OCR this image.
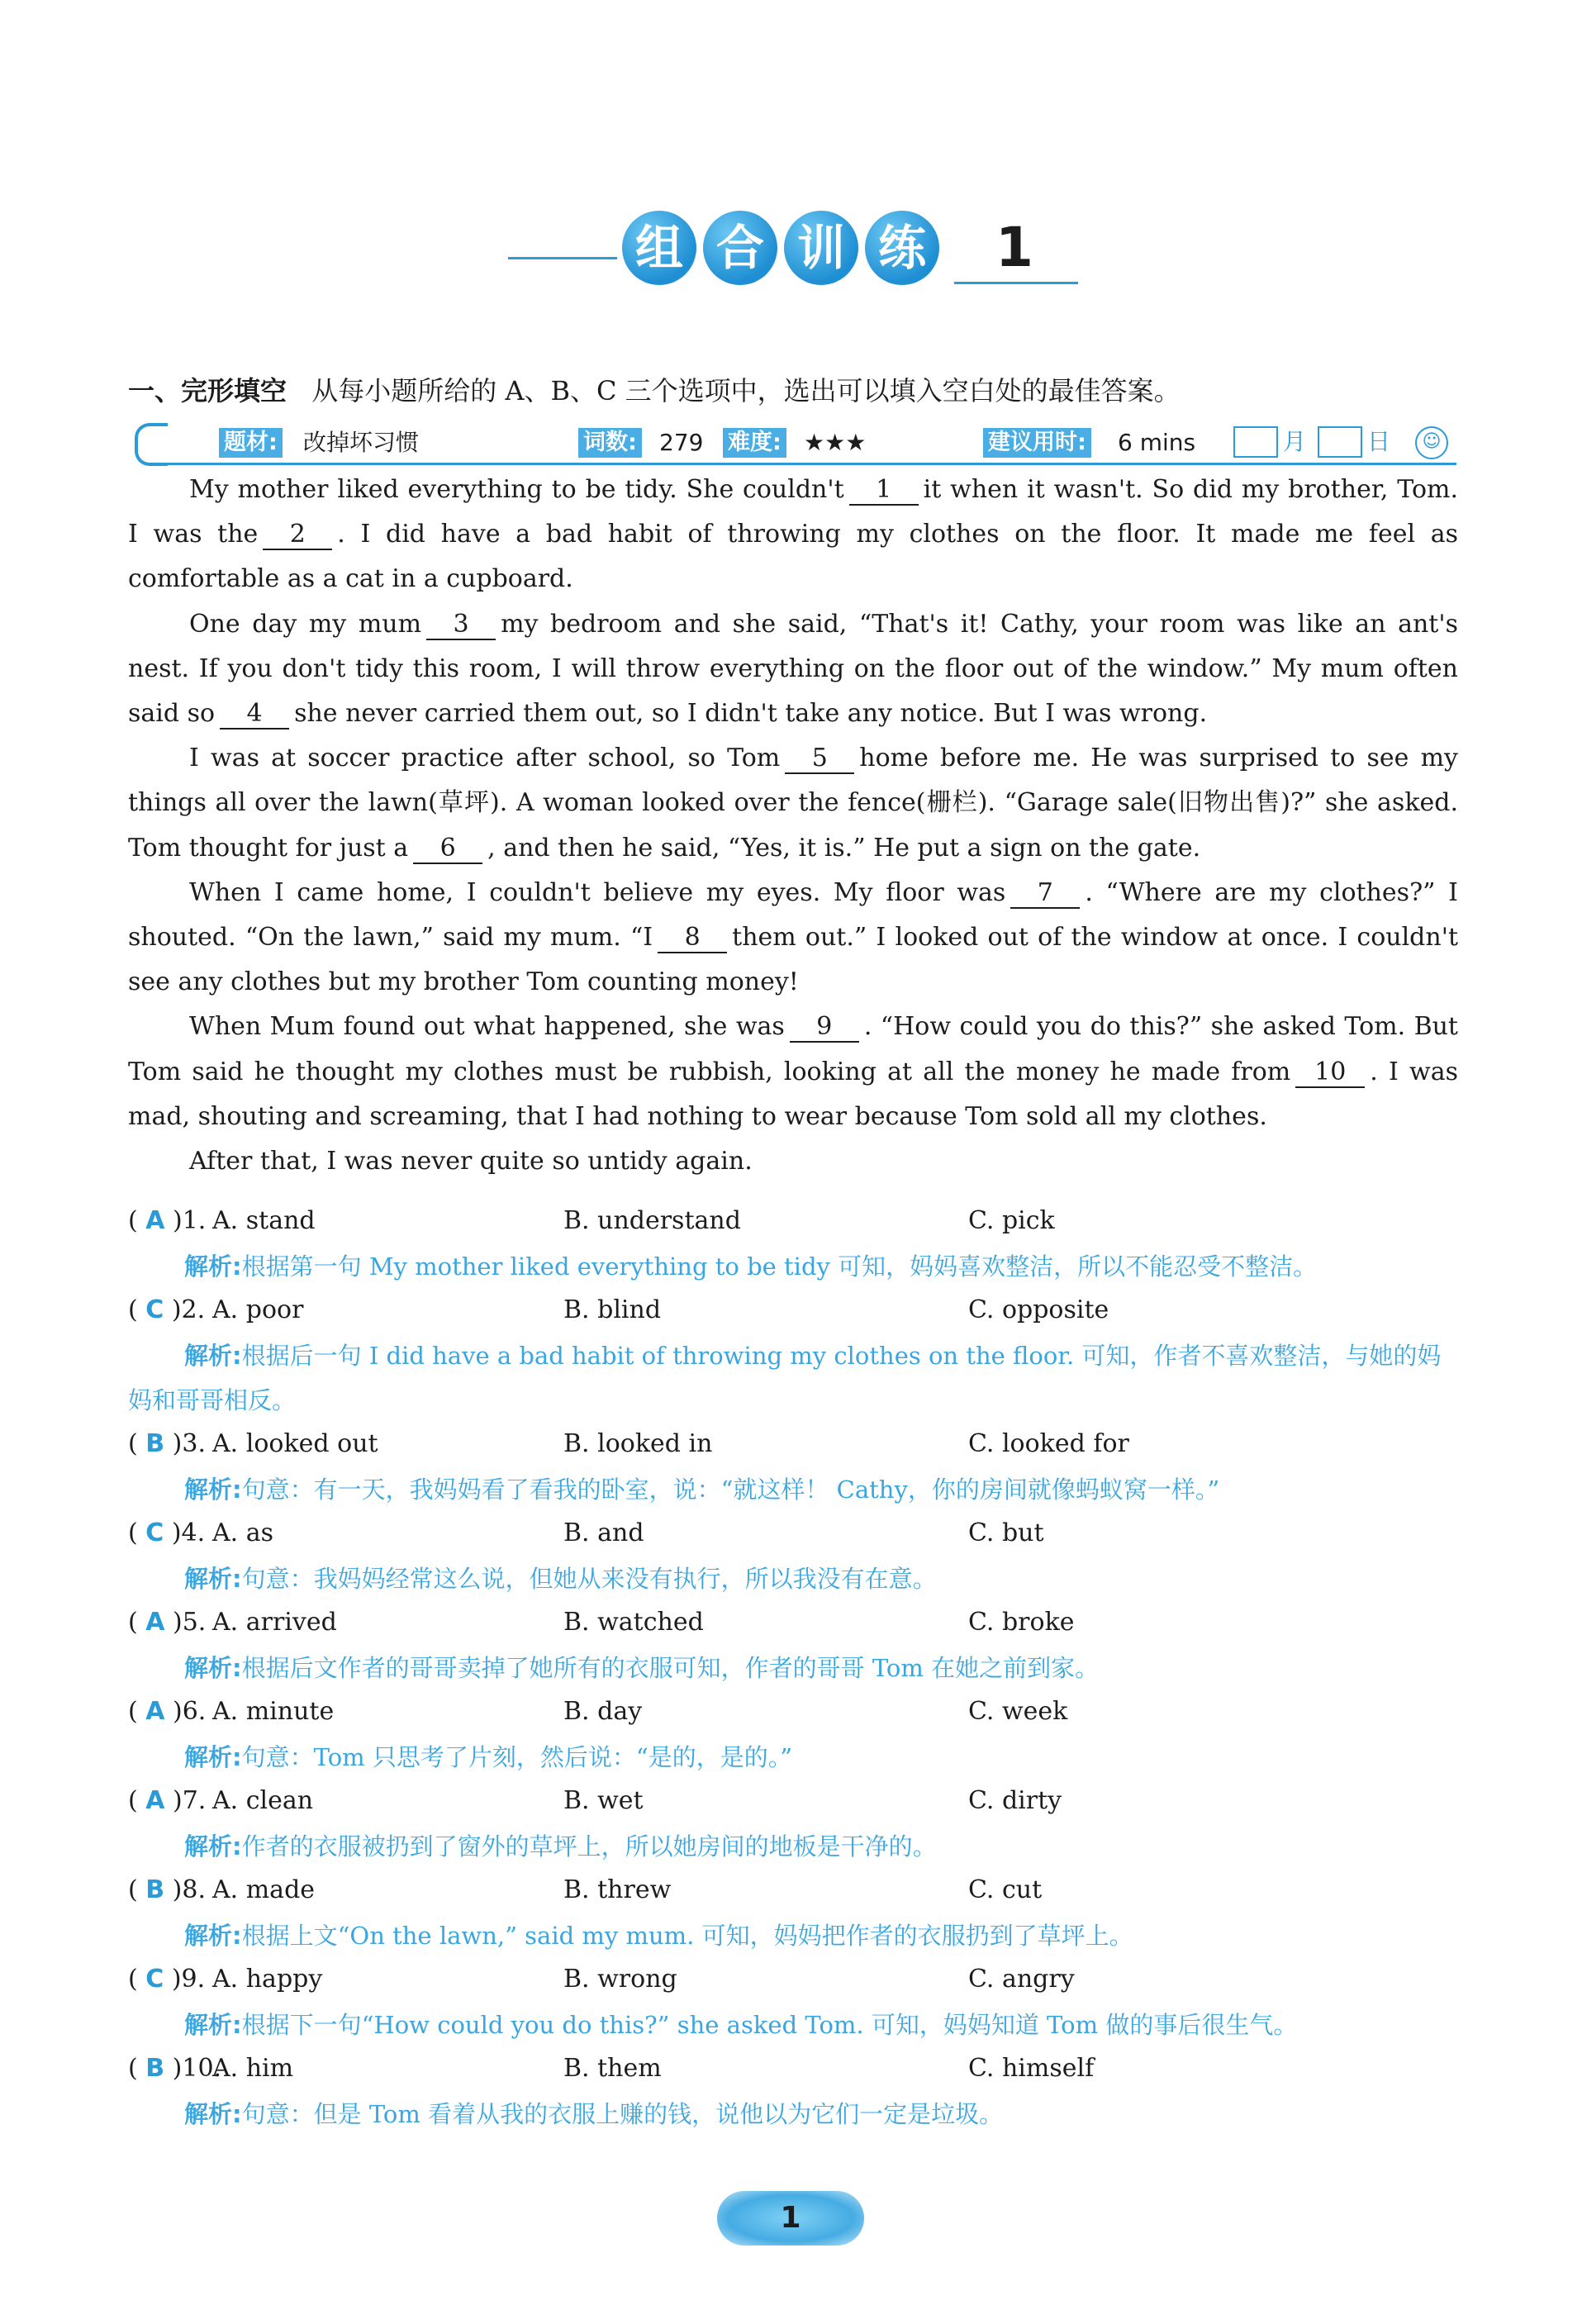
组 合 训 练 1
一、完形填空 从每小题所给的 A、B、C 三个选项中，选出可以填入空白处的最佳答案。
题材: 改掉坏习惯	词数: 279 难度: ★★★	建议用时: 6 mins	月	日	☺

My mother liked everything to be tidy. She couldn't 1 it when it wasn't. So did my brother, Tom. I was the 2 . I did have a bad habit of throwing my clothes on the floor. It made me feel as comfortable as a cat in a cupboard.

One day my mum 3 my bedroom and she said, “That's it! Cathy, your room was like an ant's nest. If you don't tidy this room, I will throw everything on the floor out of the window.” My mum often said so 4 she never carried them out, so I didn't take any notice. But I was wrong.

I was at soccer practice after school, so Tom 5 home before me. He was surprised to see my things all over the lawn(草坪). A woman looked over the fence(栅栏). “Garage sale(旧物出售)?” she asked. Tom thought for just a 6 , and then he said, “Yes, it is.” He put a sign on the gate.

When I came home, I couldn't believe my eyes. My floor was 7 . “Where are my clothes?” I shouted. “On the lawn,” said my mum. “I 8 them out.” I looked out of the window at once. I couldn't see any clothes but my brother Tom counting money!

When Mum found out what happened, she was 9 . “How could you do this?” she asked Tom. But Tom said he thought my clothes must be rubbish, looking at all the money he made from 10 . I was mad, shouting and screaming, that I had nothing to wear because Tom sold all my clothes.

After that, I was never quite so untidy again.

( A )1. A. stand	B. understand	C. pick

解析:根据第一句 My mother liked everything to be tidy 可知，妈妈喜欢整洁，所以不能忍受不整洁。

( C )2. A. poor	B. blind	C. opposite

解析:根据后一句 I did have a bad habit of throwing my clothes on the floor. 可知，作者不喜欢整洁，与她的妈妈和哥哥相反。

( B )3. A. looked out	B. looked in	C. looked for

解析:句意：有一天，我妈妈看了看我的卧室，说：“就这样！ Cathy，你的房间就像蚂蚁窝一样。”

( C )4. A. as	B. and	C. but

解析:句意：我妈妈经常这么说，但她从来没有执行，所以我没有在意。

( A )5. A. arrived	B. watched	C. broke

解析:根据后文作者的哥哥卖掉了她所有的衣服可知，作者的哥哥 Tom 在她之前到家。

( A )6. A. minute	B. day	C. week

解析:句意：Tom 只思考了片刻，然后说：“是的，是的。”

( A )7. A. clean	B. wet	C. dirty

解析:作者的衣服被扔到了窗外的草坪上，所以她房间的地板是干净的。

( B )8. A. made	B. threw	C. cut

解析:根据上文“On the lawn,” said my mum. 可知，妈妈把作者的衣服扔到了草坪上。

( C )9. A. happy	B. wrong	C. angry

解析:根据下一句“How could you do this?” she asked Tom. 可知，妈妈知道 Tom 做的事后很生气。

( B )10.
A. him	B. them	C. himself

解析:句意：但是 Tom 看着从我的衣服上赚的钱，说他以为它们一定是垃圾。

1
